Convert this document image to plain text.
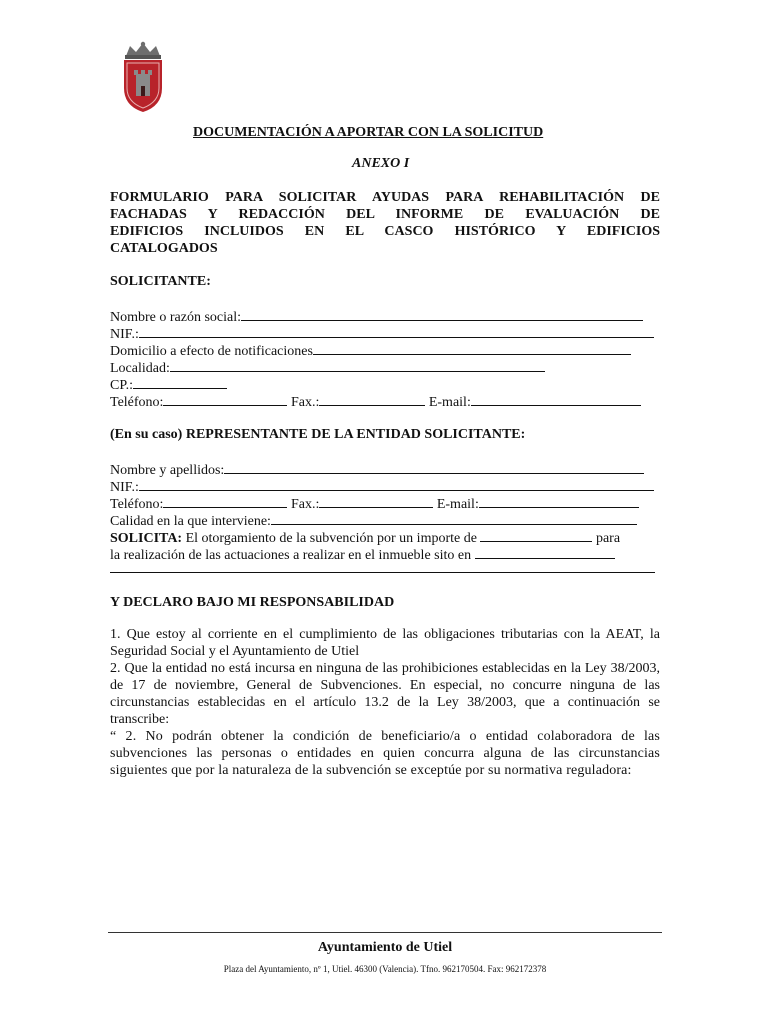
DOCUMENTACIÓN A APORTAR CON LA SOLICITUD
ANEXO I
FORMULARIO PARA SOLICITAR AYUDAS PARA REHABILITACIÓN DE
FACHADAS Y REDACCIÓN DEL INFORME DE EVALUACIÓN DE
EDIFICIOS INCLUIDOS EN EL CASCO HISTÓRICO Y EDIFICIOS
CATALOGADOS
SOLICITANTE:
Nombre o razón social:
NIF.:
Domicilio a efecto de notificaciones
Localidad:
CP.:
Teléfono:	Fax.:	E-mail:
(En su caso) REPRESENTANTE DE LA ENTIDAD SOLICITANTE:
Nombre y apellidos:
NIF.:
Teléfono:	Fax.:	E-mail:
Calidad en la que interviene:
SOLICITA: El otorgamiento de la subvención por un importe de	para
la realización de las actuaciones a realizar en el inmueble sito en
Y DECLARO BAJO MI RESPONSABILIDAD
1. Que estoy al corriente en el cumplimiento de las obligaciones tributarias con la AEAT, la Seguridad Social y el Ayuntamiento de Utiel
2. Que la entidad no está incursa en ninguna de las prohibiciones establecidas en la Ley 38/2003, de 17 de noviembre, General de Subvenciones. En especial, no concurre ninguna de las circunstancias establecidas en el artículo 13.2 de la Ley 38/2003, que a continuación se transcribe:
“ 2. No podrán obtener la condición de beneficiario/a o entidad colaboradora de las subvenciones las personas o entidades en quien concurra alguna de las circunstancias siguientes que por la naturaleza de la subvención se exceptúe por su normativa reguladora:
Ayuntamiento de Utiel
Plaza del Ayuntamiento, nº 1, Utiel. 46300 (Valencia). Tfno. 962170504. Fax: 962172378
